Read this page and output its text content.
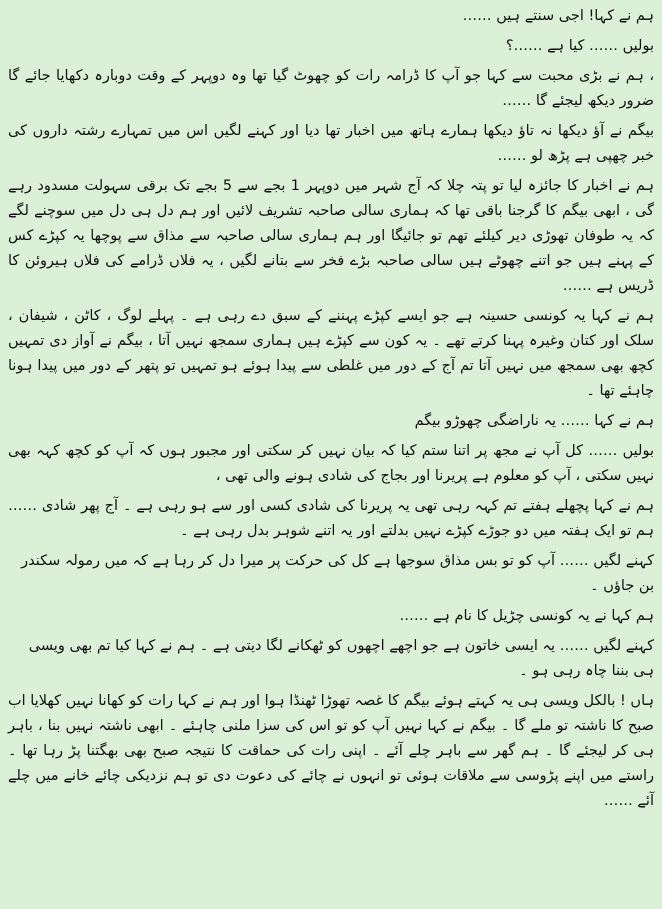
ہم نے کہا! اجی سنتے ہیں ……

بولیں …… کیا ہے ……؟

، ہم نے بڑی محبت سے کہا جو آپ کا ڈرامہ رات کو چھوٹ گیا تھا وہ دوپہر کے وقت دوبارہ دکھایا جائے گا ضرور دیکھ لیجئے گا ……

بیگم نے آؤ دیکھا نہ تاؤ دیکھا ہمارے ہاتھ میں اخبار تھا دیا اور کہنے لگیں اس میں تمہارے رشتہ داروں کی خبر چھپی ہے پڑھ لو ……

ہم نے اخبار کا جائزہ لیا تو پتہ چلا کہ آج شہر میں دوپہر 1 بجے سے 5 بجے تک برقی سہولت مسدود رہے گی ، ابھی بیگم کا گرجنا باقی تھا کہ ہماری سالی صاحبہ تشریف لائیں اور ہم دل ہی دل میں سوچنے لگے کہ یہ طوفان تھوڑی دیر کیلئے تھم تو جائیگا اور ہم ہماری سالی صاحبہ سے مذاق سے پوچھا یہ کپڑے کس کے پہنے ہیں جو اتنے چھوٹے ہیں سالی صاحبہ بڑے فخر سے بتانے لگیں ، یہ فلاں ڈرامے کی فلاں ہیروئن کا ڈریس ہے ……

ہم نے کہا یہ کونسی حسینہ ہے جو ایسے کپڑے پہننے کے سبق دے رہی ہے ۔ پہلے لوگ ، کاٹن ، شیفان ، سلک اور کتان وغیرہ پہنا کرتے تھے ۔ یہ کون سے کپڑے ہیں ہماری سمجھ نہیں آتا ، بیگم نے آواز دی تمہیں کچھ بھی سمجھ میں نہیں آتا تم آج کے دور میں غلطی سے پیدا ہوئے ہو تمہیں تو پتھر کے دور میں پیدا ہونا چاہئے تھا ۔

ہم نے کہا …… یہ ناراضگی چھوڑو بیگم

بولیں …… کل آپ نے مجھ پر اتنا ستم کیا کہ بیان نہیں کر سکتی اور مجبور ہوں کہ آپ کو کچھ کہہ بھی نہیں سکتی ، آپ کو معلوم ہے پریرنا اور بجاج کی شادی ہونے والی تھی ،

ہم نے کہا پچھلے ہفتے تم کہہ رہی تھی یہ پریرنا کی شادی کسی اور سے ہو رہی ہے ۔ آج پھر شادی …… ہم تو ایک ہفتہ میں دو جوڑے کپڑے نہیں بدلتے اور یہ اتنے شوہر بدل رہی ہے ۔

کہنے لگیں …… آپ کو تو بس مذاق سوجھا ہے کل کی حرکت پر میرا دل کر رہا ہے کہ میں رمولہ سکندر بن جاؤں ۔

ہم کہا نے یہ کونسی چڑیل کا نام ہے ……

کہنے لگیں …… یہ ایسی خاتون ہے جو اچھے اچھوں کو ٹھکانے لگا دیتی ہے ۔ ہم نے کہا کیا تم بھی ویسی ہی بننا چاہ رہی ہو ۔

ہاں ! بالکل ویسی ہی یہ کہتے ہوئے بیگم کا غصہ تھوڑا ٹھنڈا ہوا اور ہم نے کہا رات کو کھانا نہیں کھلایا اب صبح کا ناشتہ تو ملے گا ۔ بیگم نے کہا نہیں آپ کو تو اس کی سزا ملنی چاہئے ۔ ابھی ناشتہ نہیں بنا ، باہر ہی کر لیجئے گا ۔ ہم گھر سے باہر چلے آئے ۔ اپنی رات کی حماقت کا نتیجہ صبح بھی بھگتنا پڑ رہا تھا ۔ راستے میں اپنے پڑوسی سے ملاقات ہوئی تو انہوں نے چائے کی دعوت دی تو ہم نزدیکی چائے خانے میں چلے آئے ……
